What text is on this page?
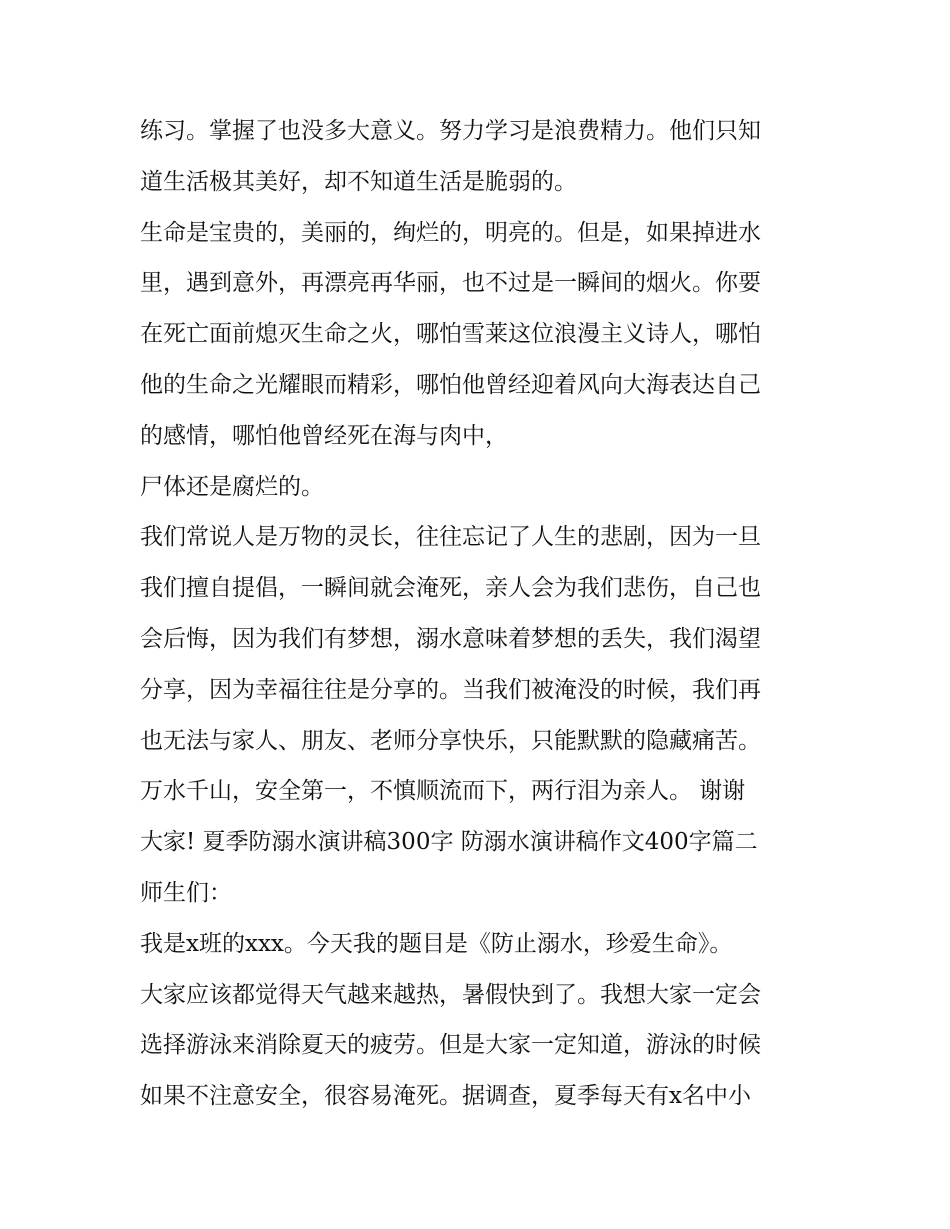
练习。掌握了也没多大意义。努力学习是浪费精力。他们只知
道生活极其美好，却不知道生活是脆弱的。
生命是宝贵的，美丽的，绚烂的，明亮的。但是，如果掉进水
里，遇到意外，再漂亮再华丽，也不过是一瞬间的烟火。你要
在死亡面前熄灭生命之火，哪怕雪莱这位浪漫主义诗人，哪怕
他的生命之光耀眼而精彩，哪怕他曾经迎着风向大海表达自己
的感情，哪怕他曾经死在海与肉中，
尸体还是腐烂的。
我们常说人是万物的灵长，往往忘记了人生的悲剧，因为一旦
我们擅自提倡，一瞬间就会淹死，亲人会为我们悲伤，自己也
会后悔，因为我们有梦想，溺水意味着梦想的丢失，我们渴望
分享，因为幸福往往是分享的。当我们被淹没的时候，我们再
也无法与家人、朋友、老师分享快乐，只能默默的隐藏痛苦。
万水千山，安全第一，不慎顺流而下，两行泪为亲人。 谢谢
大家! 夏季防溺水演讲稿300字 防溺水演讲稿作文400字篇二
师生们：
我是x班的xxx。今天我的题目是《防止溺水，珍爱生命》。
大家应该都觉得天气越来越热，暑假快到了。我想大家一定会
选择游泳来消除夏天的疲劳。但是大家一定知道，游泳的时候
如果不注意安全，很容易淹死。据调查，夏季每天有x名中小
